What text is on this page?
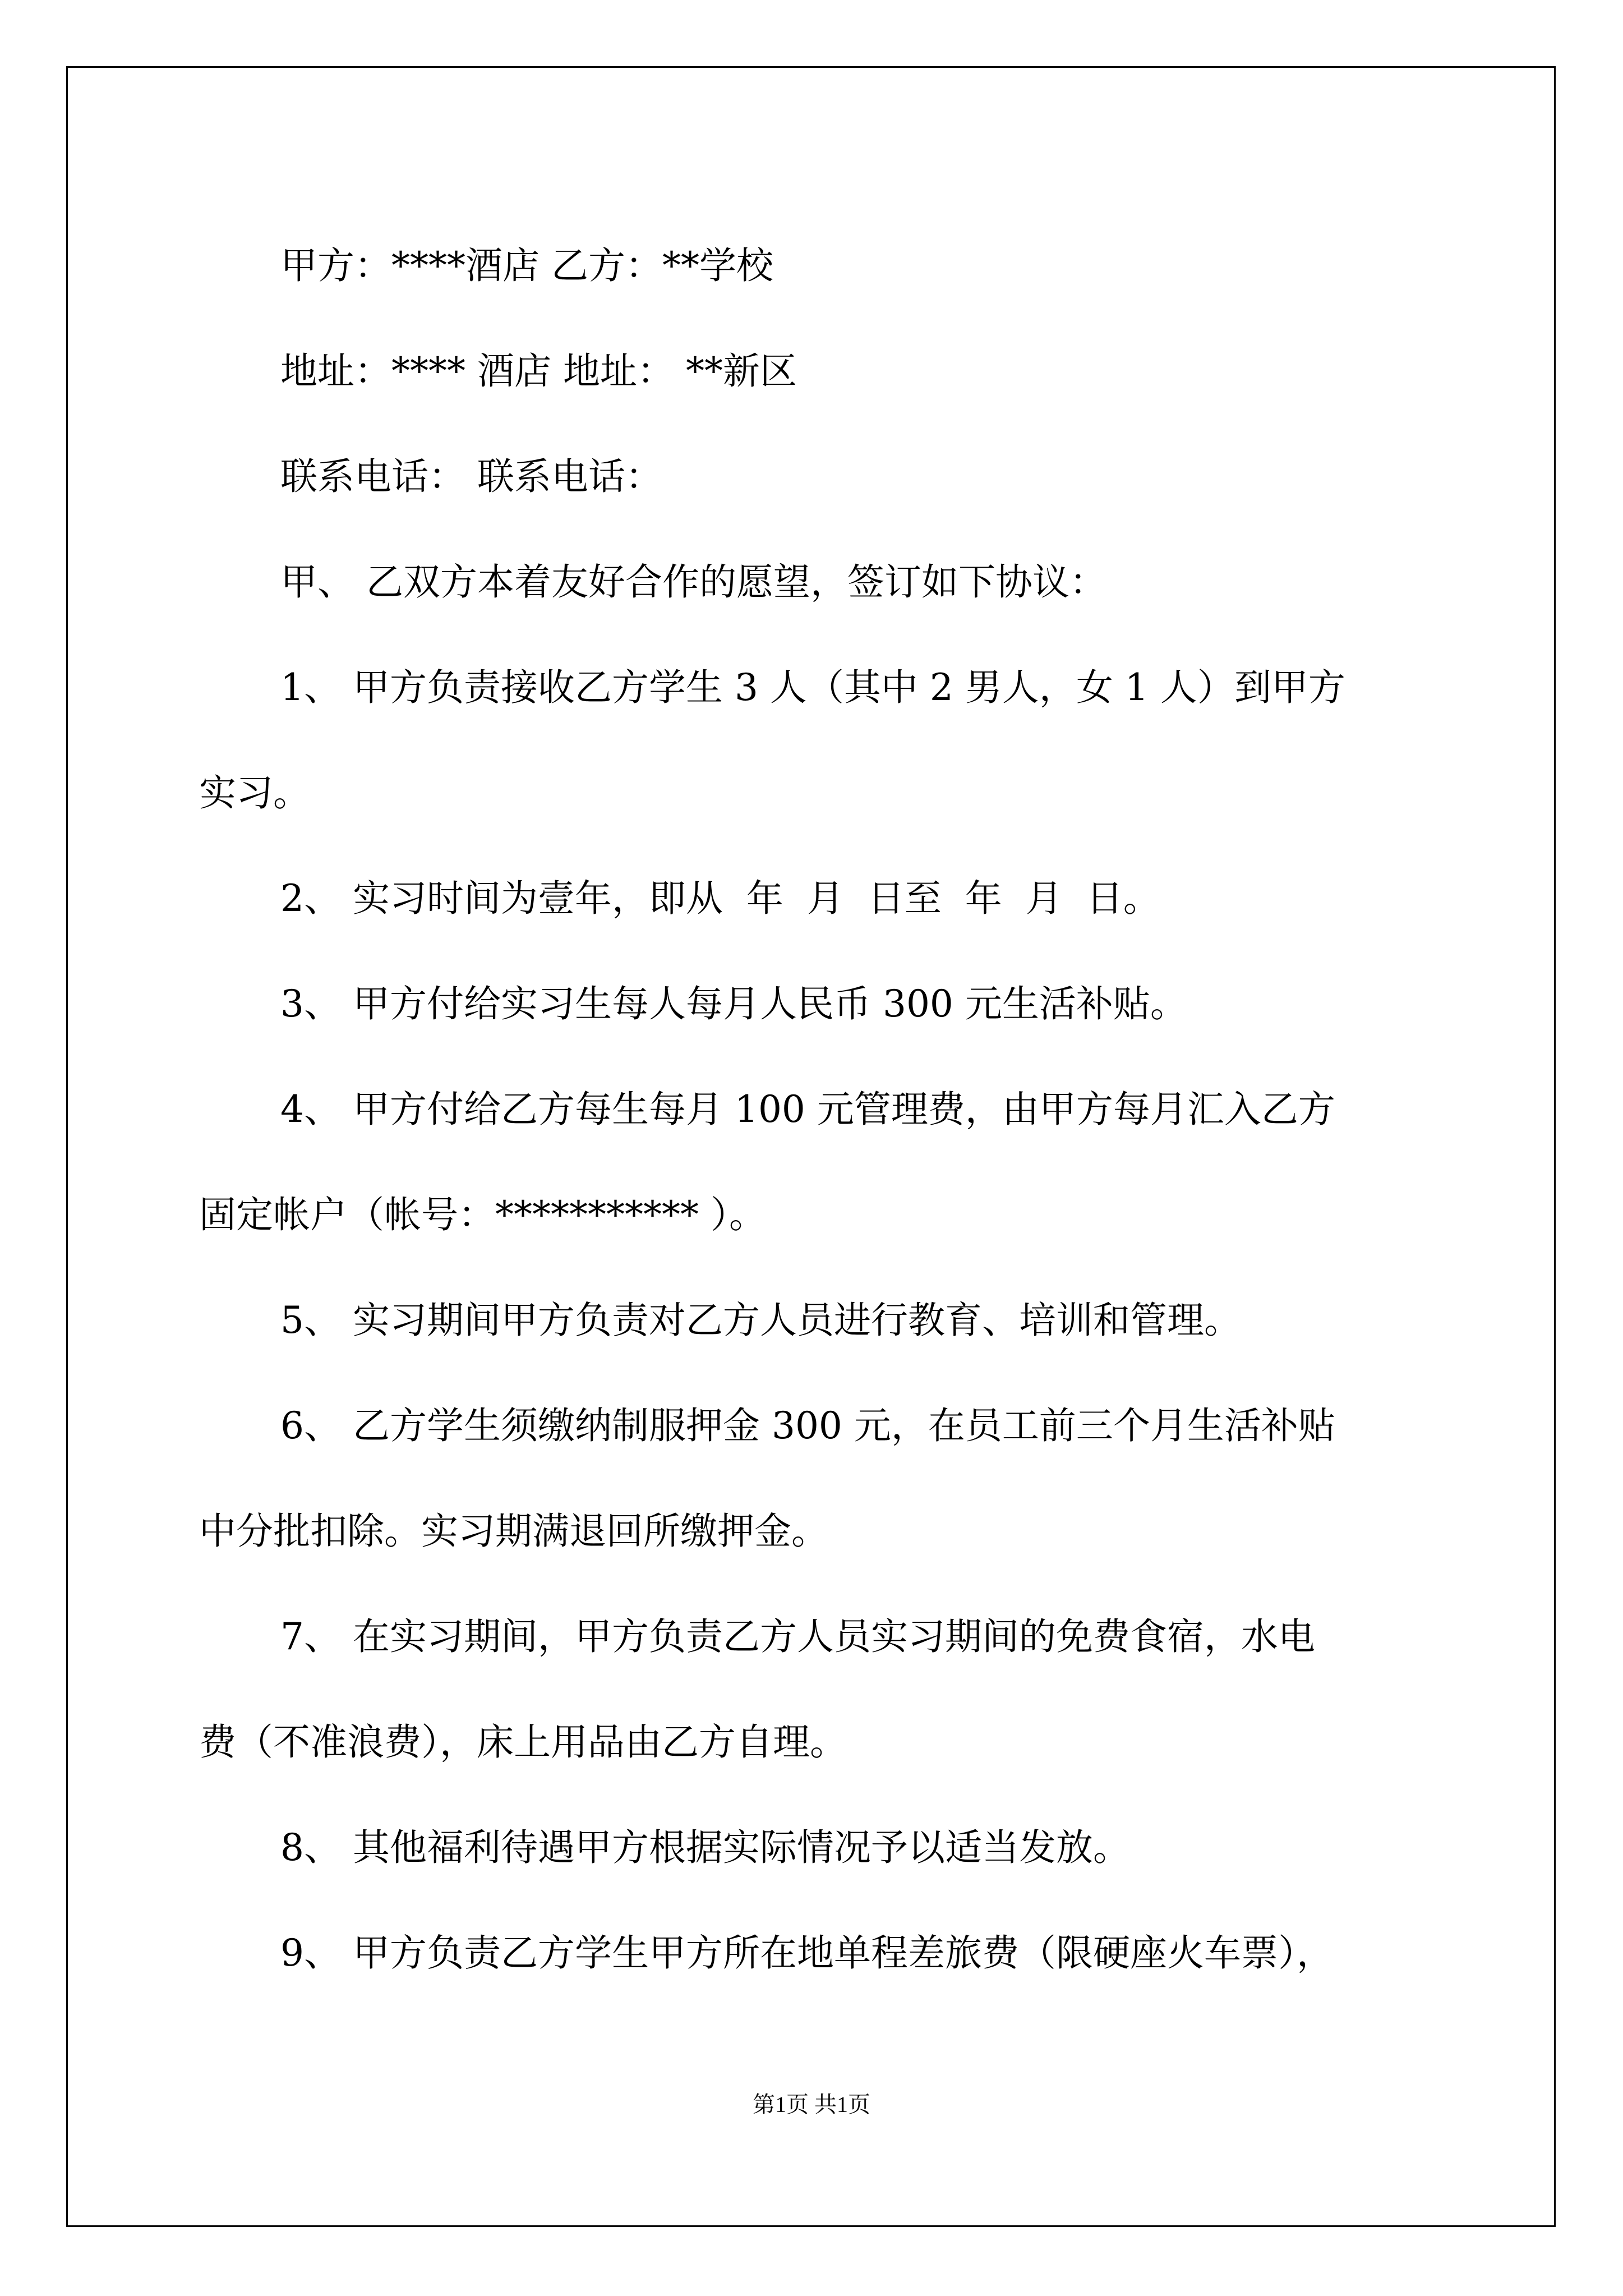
甲方：****酒店 乙方：**学校

地址：**** 酒店 地址： **新区

联系电话： 联系电话：

甲、 乙双方本着友好合作的愿望，签订如下协议：

1、 甲方负责接收乙方学生 3 人（其中 2 男人，女 1 人）到甲方

实习。

2、 实习时间为壹年，即从  年  月  日至  年  月  日。

3、 甲方付给实习生每人每月人民币 300 元生活补贴。

4、 甲方付给乙方每生每月 100 元管理费，由甲方每月汇入乙方

固定帐户（帐号：*********** ）。

5、 实习期间甲方负责对乙方人员进行教育、培训和管理。

6、 乙方学生须缴纳制服押金 300 元，在员工前三个月生活补贴

中分批扣除。实习期满退回所缴押金。

7、 在实习期间，甲方负责乙方人员实习期间的免费食宿，水电

费（不准浪费），床上用品由乙方自理。

8、 其他福利待遇甲方根据实际情况予以适当发放。

9、 甲方负责乙方学生甲方所在地单程差旅费（限硬座火车票），

第1页 共1页
